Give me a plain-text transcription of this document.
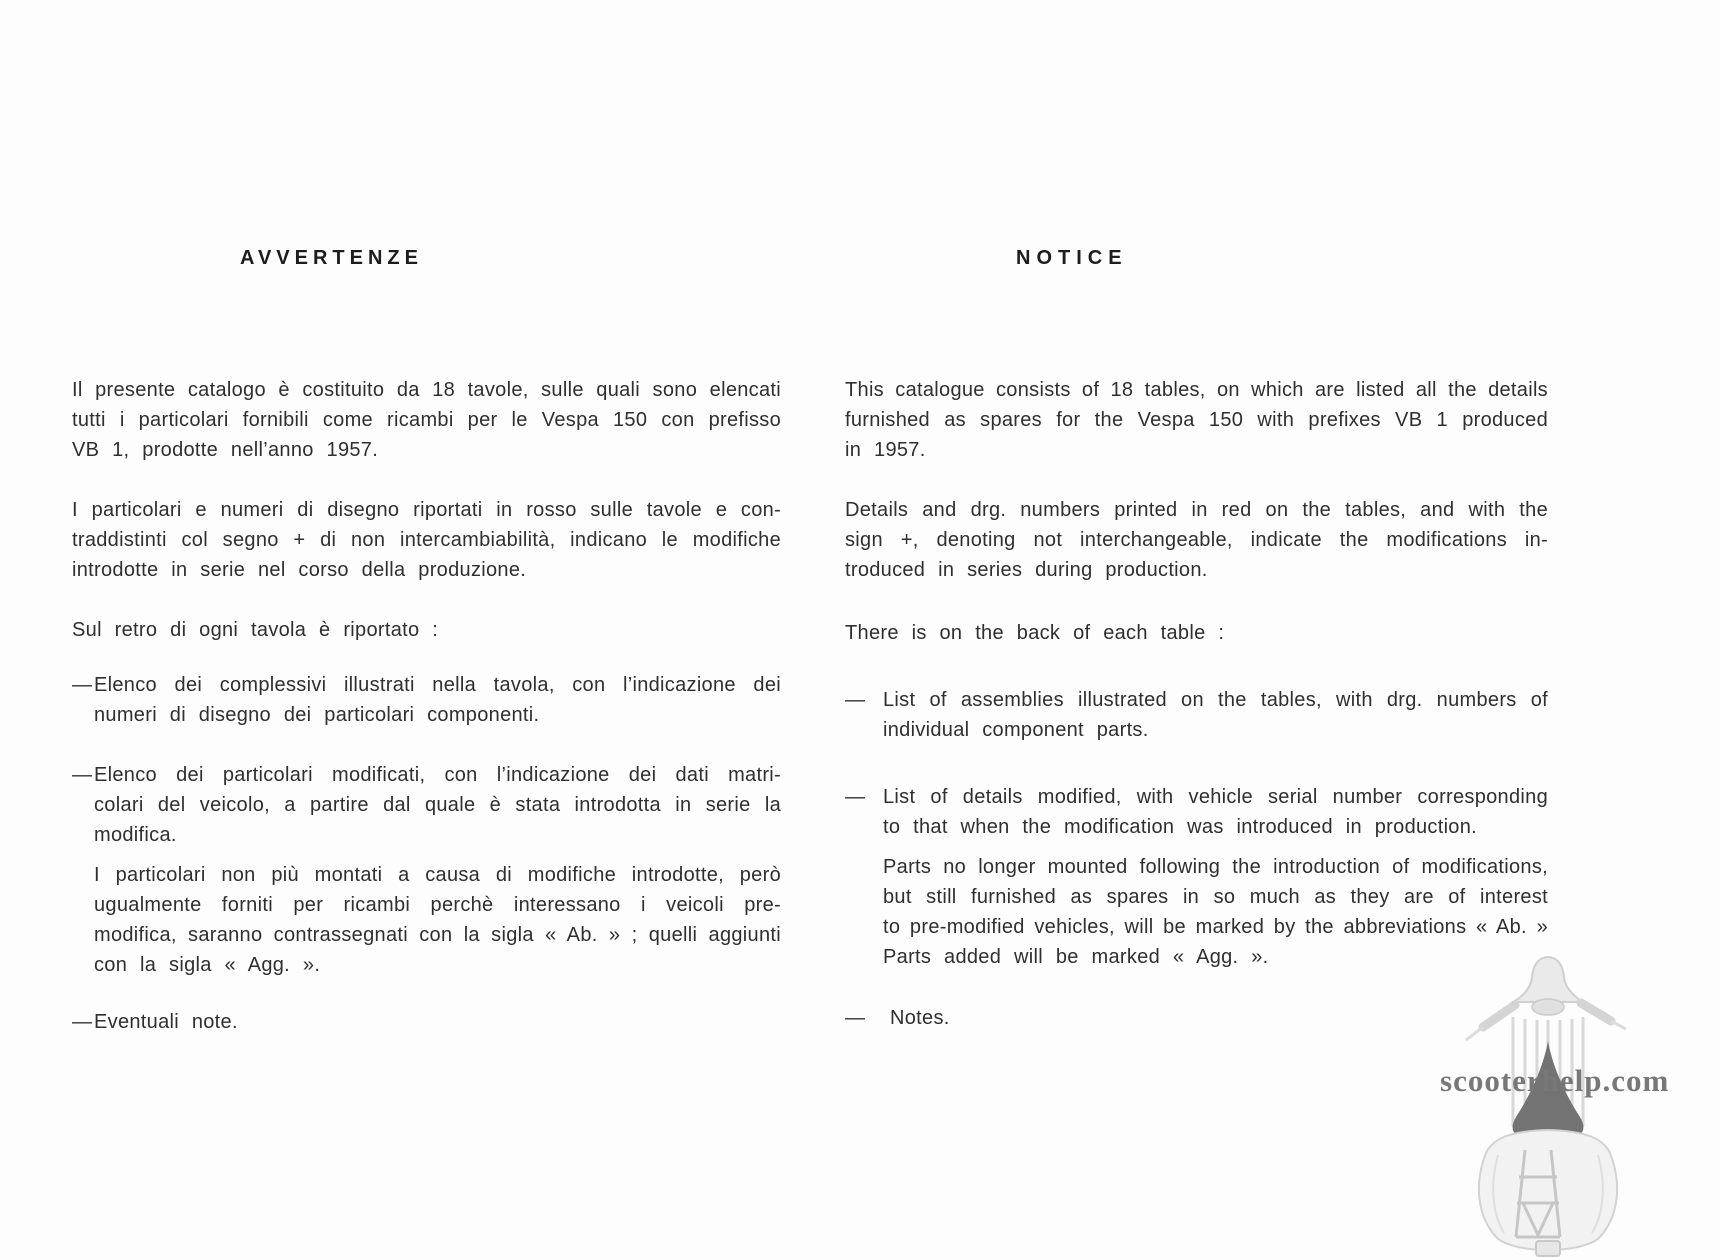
AVVERTENZE	NOTICE
Il presente catalogo è costituito da 18 tavole, sulle quali sono elencati
tutti i particolari fornibili come ricambi per le Vespa 150 con prefisso
VB 1, prodotte nell’anno 1957.
I particolari e numeri di disegno riportati in rosso sulle tavole e con-
traddistinti col segno + di non intercambiabilità, indicano le modifiche
introdotte in serie nel corso della produzione.
Sul retro di ogni tavola è riportato :
— Elenco dei complessivi illustrati nella tavola, con l’indicazione dei
numeri di disegno dei particolari componenti.
— Elenco dei particolari modificati, con l’indicazione dei dati matri-
colari del veicolo, a partire dal quale è stata introdotta in serie la
modifica.
I particolari non più montati a causa di modifiche introdotte, però
ugualmente forniti per ricambi perchè interessano i veicoli pre-
modifica, saranno contrassegnati con la sigla « Ab. » ; quelli aggiunti
con la sigla « Agg. ».
— Eventuali note.
This catalogue consists of 18 tables, on which are listed all the details
furnished as spares for the Vespa 150 with prefixes VB 1 produced
in 1957.
Details and drg. numbers printed in red on the tables, and with the
sign +, denoting not interchangeable, indicate the modifications in-
troduced in series during production.
There is on the back of each table :
— List of assemblies illustrated on the tables, with drg. numbers of
individual component parts.
— List of details modified, with vehicle serial number corresponding
to that when the modification was introduced in production.
Parts no longer mounted following the introduction of modifications,
but still furnished as spares in so much as they are of interest
to pre-modified vehicles, will be marked by the abbreviations « Ab. »
Parts added will be marked « Agg. ».
— Notes.
scooterhelp.com
